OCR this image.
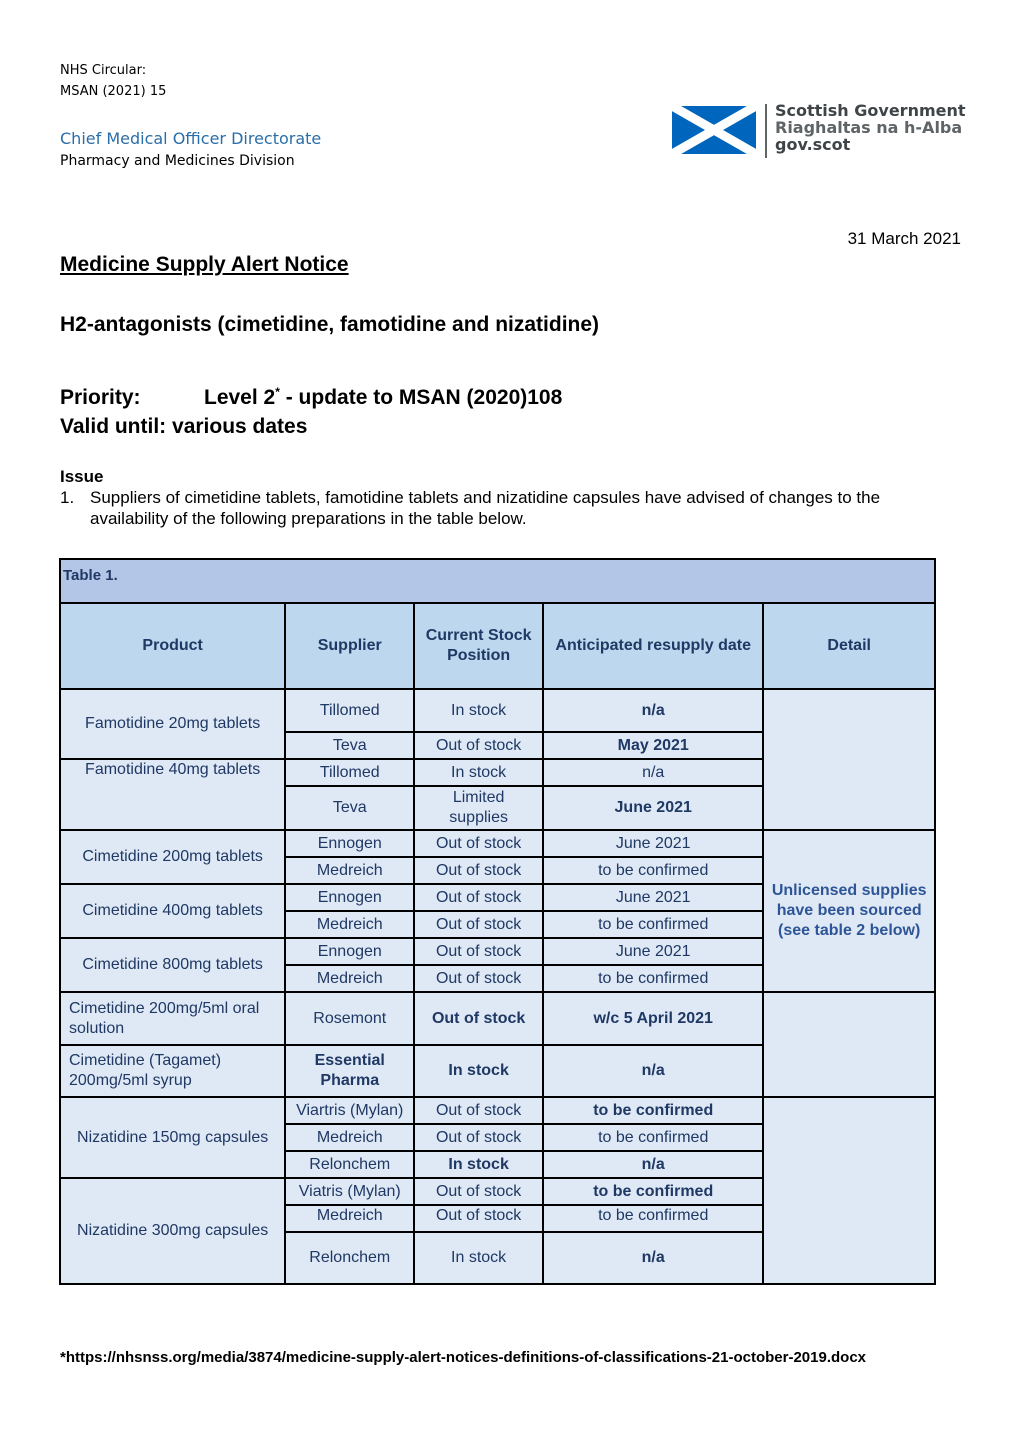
NHS Circular:
MSAN (2021) 15
Chief Medical Officer Directorate
Pharmacy and Medicines Division
Scottish Government
Riaghaltas na h-Alba
gov.scot
31 March 2021
Medicine Supply Alert Notice
H2-antagonists (cimetidine, famotidine and nizatidine)
Priority:	Level 2* - update to MSAN (2020)108
Valid until: various dates
Issue
1. Suppliers of cimetidine tablets, famotidine tablets and nizatidine capsules have advised of changes to the availability of the following preparations in the table below.
Table 1.				
Product	Supplier	Current Stock Position	Anticipated resupply date	Detail
Famotidine 20mg tablets	Tillomed	In stock	n/a	
	Teva	Out of stock	May 2021	
Famotidine 40mg tablets	Tillomed	In stock	n/a	
	Teva	Limited supplies	June 2021	
Cimetidine 200mg tablets	Ennogen	Out of stock	June 2021	Unlicensed supplies have been sourced (see table 2 below)
	Medreich	Out of stock	to be confirmed	
Cimetidine 400mg tablets	Ennogen	Out of stock	June 2021	
	Medreich	Out of stock	to be confirmed	
Cimetidine 800mg tablets	Ennogen	Out of stock	June 2021	
	Medreich	Out of stock	to be confirmed	
Cimetidine 200mg/5ml oral solution	Rosemont	Out of stock	w/c 5 April 2021	
Cimetidine (Tagamet) 200mg/5ml syrup	Essential Pharma	In stock	n/a	
Nizatidine 150mg capsules	Viartris (Mylan)	Out of stock	to be confirmed	
	Medreich	Out of stock	to be confirmed	
	Relonchem	In stock	n/a	
Nizatidine 300mg capsules	Viatris (Mylan)	Out of stock	to be confirmed	
	Medreich	Out of stock	to be confirmed	
	Relonchem	In stock	n/a	
*https://nhsnss.org/media/3874/medicine-supply-alert-notices-definitions-of-classifications-21-october-2019.docx
